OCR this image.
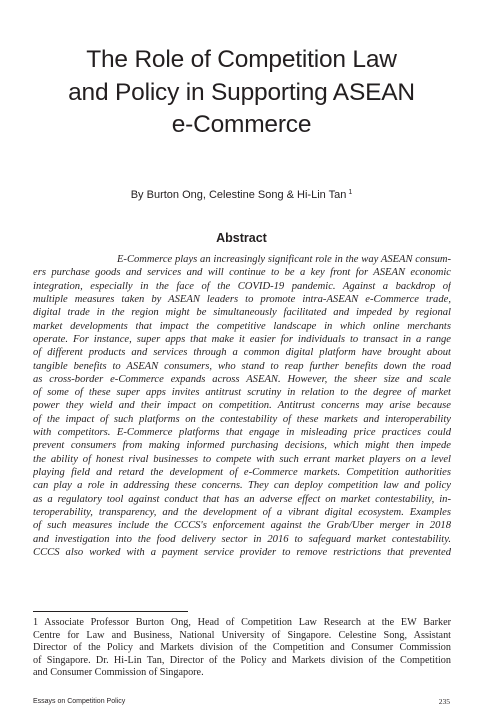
The Role of Competition Law
and Policy in Supporting ASEAN
e-Commerce
By Burton Ong, Celestine Song & Hi-Lin Tan $^1$
Abstract
E-Commerce plays an increasingly significant role in the way ASEAN consum-
ers purchase goods and services and will continue to be a key front for ASEAN economic
integration, especially in the face of the COVID-19 pandemic. Against a backdrop of
multiple measures taken by ASEAN leaders to promote intra-ASEAN e-Commerce trade,
digital trade in the region might be simultaneously facilitated and impeded by regional
market developments that impact the competitive landscape in which online merchants
operate. For instance, super apps that make it easier for individuals to transact in a range
of different products and services through a common digital platform have brought about
tangible benefits to ASEAN consumers, who stand to reap further benefits down the road
as cross-border e-Commerce expands across ASEAN. However, the sheer size and scale
of some of these super apps invites antitrust scrutiny in relation to the degree of market
power they wield and their impact on competition. Antitrust concerns may arise because
of the impact of such platforms on the contestability of these markets and interoperability
with competitors. E-Commerce platforms that engage in misleading price practices could
prevent consumers from making informed purchasing decisions, which might then impede
the ability of honest rival businesses to compete with such errant market players on a level
playing field and retard the development of e-Commerce markets. Competition authorities
can play a role in addressing these concerns. They can deploy competition law and policy
as a regulatory tool against conduct that has an adverse effect on market contestability, in-
teroperability, transparency, and the development of a vibrant digital ecosystem. Examples
of such measures include the CCCS's enforcement against the Grab/Uber merger in 2018
and investigation into the food delivery sector in 2016 to safeguard market contestability.
CCCS also worked with a payment service provider to remove restrictions that prevented
1 Associate Professor Burton Ong, Head of Competition Law Research at the EW Barker
Centre for Law and Business, National University of Singapore. Celestine Song, Assistant
Director of the Policy and Markets division of the Competition and Consumer Commission
of Singapore. Dr. Hi-Lin Tan, Director of the Policy and Markets division of the Competition
and Consumer Commission of Singapore.
Essays on Competition Policy	235
